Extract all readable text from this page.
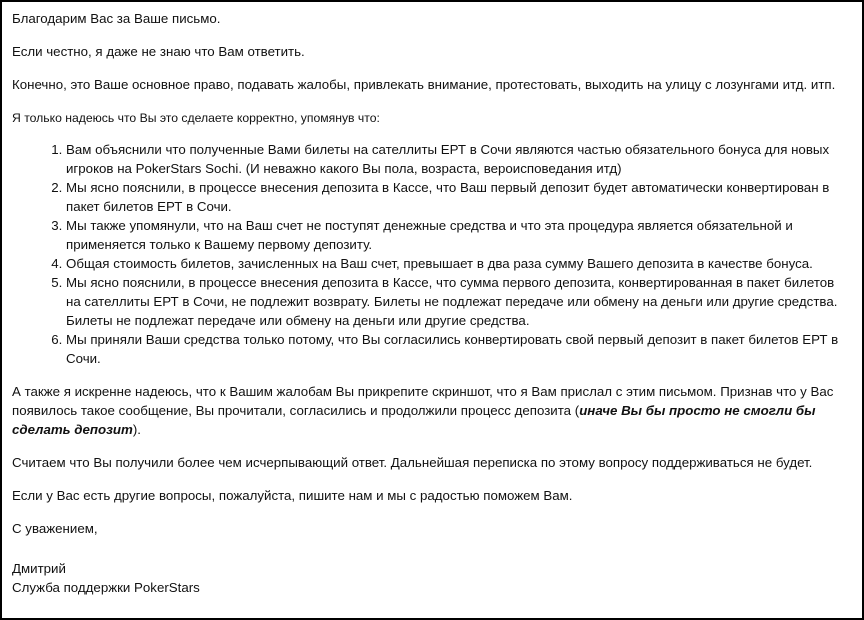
Благодарим Вас за Ваше письмо.

Если честно, я даже не знаю что Вам ответить.

Конечно, это Ваше основное право, подавать жалобы, привлекать внимание, протестовать, выходить на улицу с лозунгами итд. итп.

Я только надеюсь что Вы это сделаете корректно, упомянув что:

1. Вам объяснили что полученные Вами билеты на сателлиты ЕРТ в Сочи являются частью обязательного бонуса для новых игроков на PokerStars Sochi. (И неважно какого Вы пола, возраста, вероисповедания итд)
2. Мы ясно пояснили, в процессе внесения депозита в Кассе, что Ваш первый депозит будет автоматически конвертирован в пакет билетов ЕРТ в Сочи.
3. Мы также упомянули, что на Ваш счет не поступят денежные средства и что эта процедура является обязательной и применяется только к Вашему первому депозиту.
4. Общая стоимость билетов, зачисленных на Ваш счет, превышает в два раза сумму Вашего депозита в качестве бонуса.
5. Мы ясно пояснили, в процессе внесения депозита в Кассе, что сумма первого депозита, конвертированная в пакет билетов на сателлиты ЕРТ в Сочи, не подлежит возврату. Билеты не подлежат передаче или обмену на деньги или другие средства. Билеты не подлежат передаче или обмену на деньги или другие средства.
6. Мы приняли Ваши средства только потому, что Вы согласились конвертировать свой первый депозит в пакет билетов ЕРТ в Сочи.

А также я искренне надеюсь, что к Вашим жалобам Вы прикрепите скриншот, что я Вам прислал с этим письмом. Признав что у Вас появилось такое сообщение, Вы прочитали, согласились и продолжили процесс депозита (иначе Вы бы просто не смогли бы сделать депозит).

Считаем что Вы получили более чем исчерпывающий ответ. Дальнейшая переписка по этому вопросу поддерживаться не будет.

Если у Вас есть другие вопросы, пожалуйста, пишите нам и мы с радостью поможем Вам.

С уважением,

Дмитрий

Служба поддержки PokerStars
